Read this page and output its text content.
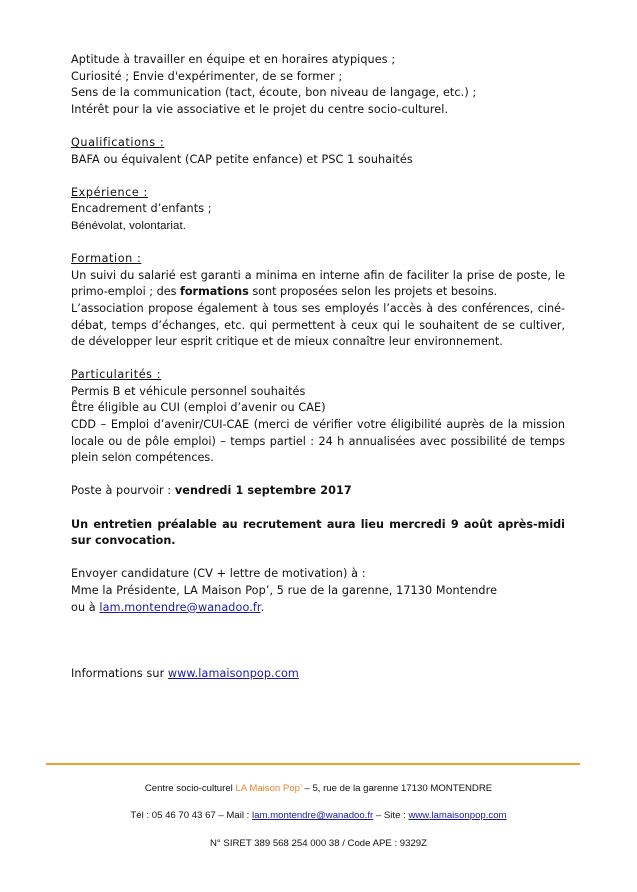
Aptitude à travailler en équipe et en horaires atypiques ;
Curiosité ; Envie d'expérimenter, de se former ;
Sens de la communication (tact, écoute, bon niveau de langage, etc.) ;
Intérêt pour la vie associative et le projet du centre socio-culturel.
Qualifications :
BAFA ou équivalent (CAP petite enfance) et PSC 1 souhaités
Expérience :
Encadrement d’enfants ;
Bénévolat, volontariat.
Formation :
Un suivi du salarié est garanti a minima en interne afin de faciliter la prise de poste, le primo-emploi ; des formations sont proposées selon les projets et besoins.
L’association propose également à tous ses employés l’accès à des conférences, ciné-débat, temps d’échanges, etc. qui permettent à ceux qui le souhaitent de se cultiver, de développer leur esprit critique et de mieux connaître leur environnement.
Particularités :
Permis B et véhicule personnel souhaités
Être éligible au CUI (emploi d’avenir ou CAE)
CDD – Emploi d’avenir/CUI-CAE (merci de vérifier votre éligibilité auprès de la mission locale ou de pôle emploi) – temps partiel : 24 h annualisées avec possibilité de temps plein selon compétences.
Poste à pourvoir : vendredi 1 septembre 2017
Un entretien préalable au recrutement aura lieu mercredi 9 août après-midi sur convocation.
Envoyer candidature (CV + lettre de motivation) à :
Mme la Présidente, LA Maison Pop’, 5 rue de la garenne, 17130 Montendre
ou à lam.montendre@wanadoo.fr.
Informations sur www.lamaisonpop.com
Centre socio-culturel LA Maison Pop’ – 5, rue de la garenne 17130 MONTENDRE
Tél : 05 46 70 43 67 – Mail : lam.montendre@wanadoo.fr – Site : www.lamaisonpop.com
N° SIRET 389 568 254 000 38 / Code APE : 9329Z
